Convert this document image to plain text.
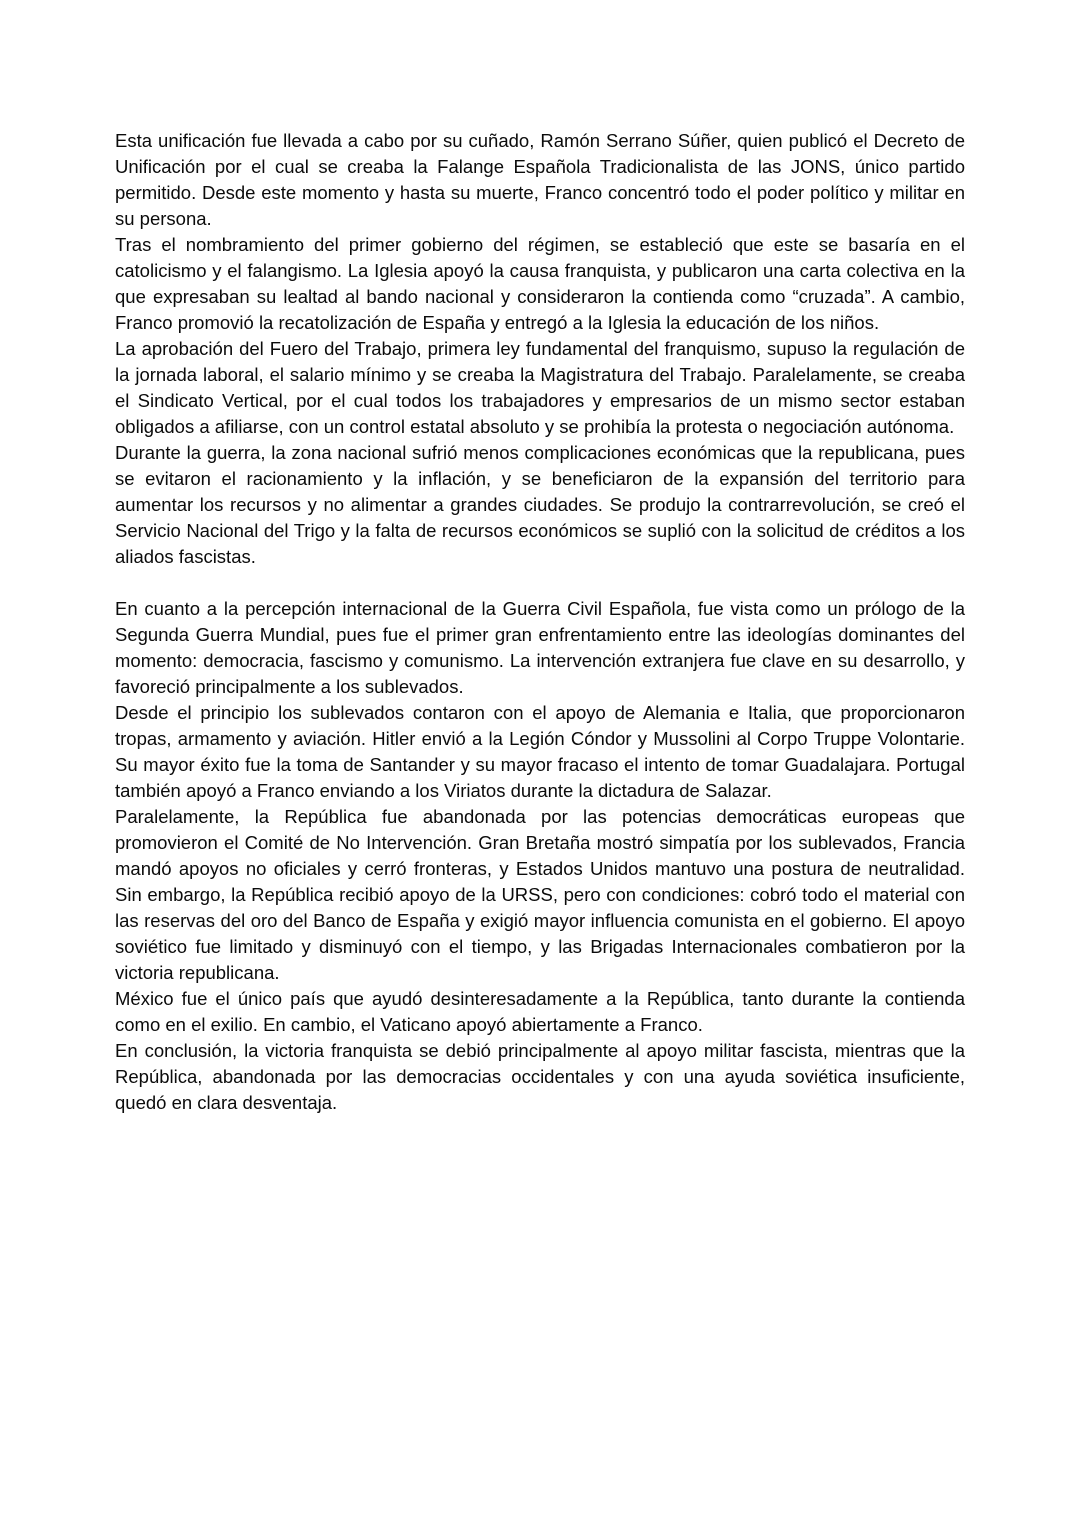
Esta unificación fue llevada a cabo por su cuñado, Ramón Serrano Súñer, quien publicó el Decreto de Unificación por el cual se creaba la Falange Española Tradicionalista de las JONS, único partido permitido. Desde este momento y hasta su muerte, Franco concentró todo el poder político y militar en su persona.

Tras el nombramiento del primer gobierno del régimen, se estableció que este se basaría en el catolicismo y el falangismo. La Iglesia apoyó la causa franquista, y publicaron una carta colectiva en la que expresaban su lealtad al bando nacional y consideraron la contienda como “cruzada”. A cambio, Franco promovió la recatolización de España y entregó a la Iglesia la educación de los niños.

La aprobación del Fuero del Trabajo, primera ley fundamental del franquismo, supuso la regulación de la jornada laboral, el salario mínimo y se creaba la Magistratura del Trabajo. Paralelamente, se creaba el Sindicato Vertical, por el cual todos los trabajadores y empresarios de un mismo sector estaban obligados a afiliarse, con un control estatal absoluto y se prohibía la protesta o negociación autónoma.

Durante la guerra, la zona nacional sufrió menos complicaciones económicas que la republicana, pues se evitaron el racionamiento y la inflación, y se beneficiaron de la expansión del territorio para aumentar los recursos y no alimentar a grandes ciudades. Se produjo la contrarrevolución, se creó el Servicio Nacional del Trigo y la falta de recursos económicos se suplió con la solicitud de créditos a los aliados fascistas.

En cuanto a la percepción internacional de la Guerra Civil Española, fue vista como un prólogo de la Segunda Guerra Mundial, pues fue el primer gran enfrentamiento entre las ideologías dominantes del momento: democracia, fascismo y comunismo. La intervención extranjera fue clave en su desarrollo, y favoreció principalmente a los sublevados.

Desde el principio los sublevados contaron con el apoyo de Alemania e Italia, que proporcionaron tropas, armamento y aviación. Hitler envió a la Legión Cóndor y Mussolini al Corpo Truppe Volontarie. Su mayor éxito fue la toma de Santander y su mayor fracaso el intento de tomar Guadalajara. Portugal también apoyó a Franco enviando a los Viriatos durante la dictadura de Salazar.

Paralelamente, la República fue abandonada por las potencias democráticas europeas que promovieron el Comité de No Intervención. Gran Bretaña mostró simpatía por los sublevados, Francia mandó apoyos no oficiales y cerró fronteras, y Estados Unidos mantuvo una postura de neutralidad. Sin embargo, la República recibió apoyo de la URSS, pero con condiciones: cobró todo el material con las reservas del oro del Banco de España y exigió mayor influencia comunista en el gobierno. El apoyo soviético fue limitado y disminuyó con el tiempo, y las Brigadas Internacionales combatieron por la victoria republicana.

México fue el único país que ayudó desinteresadamente a la República, tanto durante la contienda como en el exilio. En cambio, el Vaticano apoyó abiertamente a Franco.

En conclusión, la victoria franquista se debió principalmente al apoyo militar fascista, mientras que la República, abandonada por las democracias occidentales y con una ayuda soviética insuficiente, quedó en clara desventaja.
